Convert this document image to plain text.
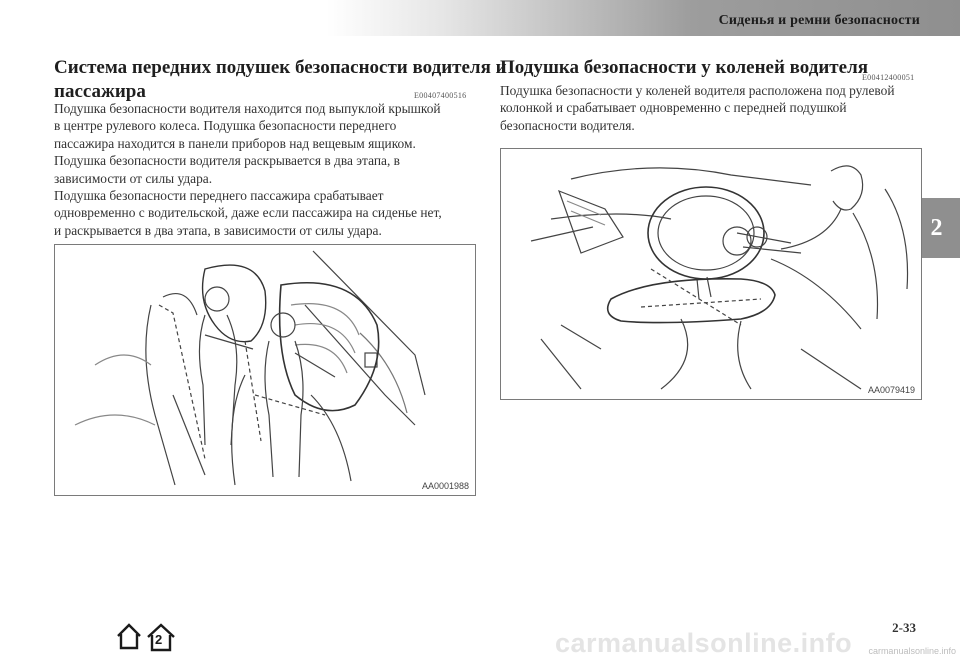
Сиденья и ремни безопасности
2
Система передних подушек безопасности водителя и
пассажира	E00407400516

Подушка безопасности водителя находится под выпуклой крышкой

в центре рулевого колеса. Подушка безопасности переднего

пассажира находится в панели приборов над вещевым ящиком.

Подушка безопасности водителя раскрывается в два этапа, в

зависимости от силы удара.

Подушка безопасности переднего пассажира срабатывает

одновременно с водительской, даже если пассажира на сиденье нет,

и раскрывается в два этапа, в зависимости от силы удара.

AA0001988
Подушка безопасности у коленей водителя
E00412400051

Подушка безопасности у коленей водителя расположена под рулевой

колонкой и срабатывает одновременно с передней подушкой

безопасности водителя.

AA0079419
2-33
2	carmanualsonline.info carmanualsonline.info
